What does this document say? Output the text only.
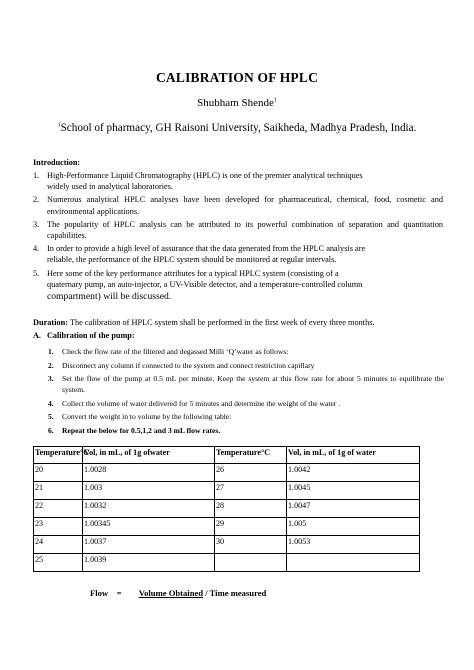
CALIBRATION OF HPLC
Shubham Shende$^1$
$^1$School of pharmacy, GH Raisoni University, Saikheda, Madhya Pradesh, India.
Introduction:
1. High-Performance Liquid Chromatography (HPLC) is one of the premier analytical techniques
widely used in analytical laboratories.
2. Numerous analytical HPLC analyses have been developed for pharmaceutical, chemical, food, cosmetic and environmental applications.
3. The popularity of HPLC analysis can be attributed to its powerful combination of separation and quantitation capabilities.
4. In order to provide a high level of assurance that the data generated from the HPLC analysis are
reliable, the performance of the HPLC system should be monitored at regular intervals.
5. Here some of the key performance attributes for a typical HPLC system (consisting of a
quaternary pump, an auto-injector, a UV-Visible detector, and a temperature-controlled column
compartment) will be discussed.
Duration: The calibration of HPLC system shall be performed in the first week of every three months.
A. Calibration of the pump:
1. Check the flow rate of the filtered and degassed Milli ‘Q’water as follows:
2. Disconnect any column if connected to the system and connect restriction capillary
3. Set the flow of the pump at 0.5 mL per minute. Keep the system at this flow rate for about 5 minutes to equilibrate the system.
4. Collect the volume of water delivered for 5 minutes and determine the weight of the water .
5. Convert the weight in to volume by the following table:
6. Repeat the below for 0.5,1,2 and 3 mL flow rates.
Temperature°C	Vol, in mL, of 1g ofwater	Temperature°C	Vol, in mL, of 1g of water
20	1.0028	26	1.0042
21	1.003	27	1.0045
22	1.0032	28	1.0047
23	1.00345	29	1.005
24	1.0037	30	1.0053
25	1.0039		
Flow = Volume Obtained / Time measured
